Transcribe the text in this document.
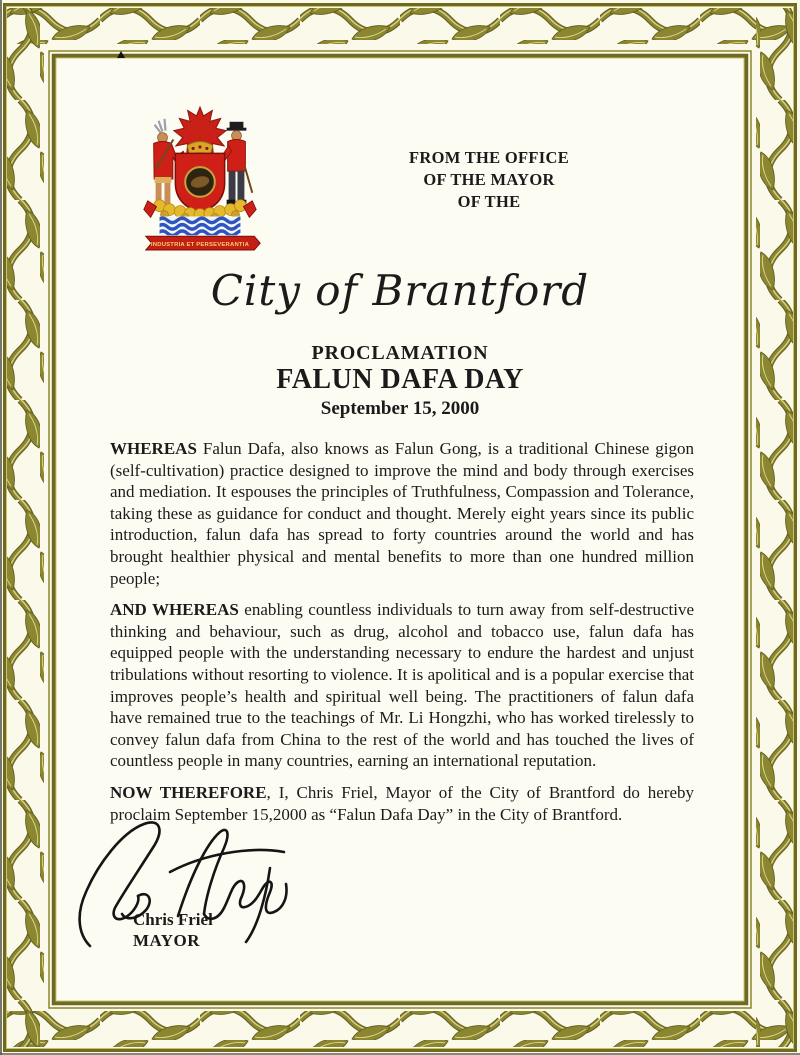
INDUSTRIA ET PERSEVERANTIA
FROM THE OFFICE
OF THE MAYOR
OF THE
City of Brantford
PROCLAMATION
FALUN DAFA DAY
September 15, 2000

WHEREAS Falun Dafa, also knows as Falun Gong, is a traditional Chinese gigon (self-cultivation) practice designed to improve the mind and body through exercises and mediation. It espouses the principles of Truthfulness, Compassion and Tolerance, taking these as guidance for conduct and thought. Merely eight years since its public introduction, falun dafa has spread to forty countries around the world and has brought healthier physical and mental benefits to more than one hundred million people;

AND WHEREAS enabling countless individuals to turn away from self-destructive thinking and behaviour, such as drug, alcohol and tobacco use, falun dafa has equipped people with the understanding necessary to endure the hardest and unjust tribulations without resorting to violence. It is apolitical and is a popular exercise that improves people’s health and spiritual well being. The practitioners of falun dafa have remained true to the teachings of Mr. Li Hongzhi, who has worked tirelessly to convey falun dafa from China to the rest of the world and has touched the lives of countless people in many countries, earning an international reputation.

NOW THEREFORE, I, Chris Friel, Mayor of the City of Brantford do hereby proclaim September 15,2000 as “Falun Dafa Day” in the City of Brantford.

Chris Friel
MAYOR
